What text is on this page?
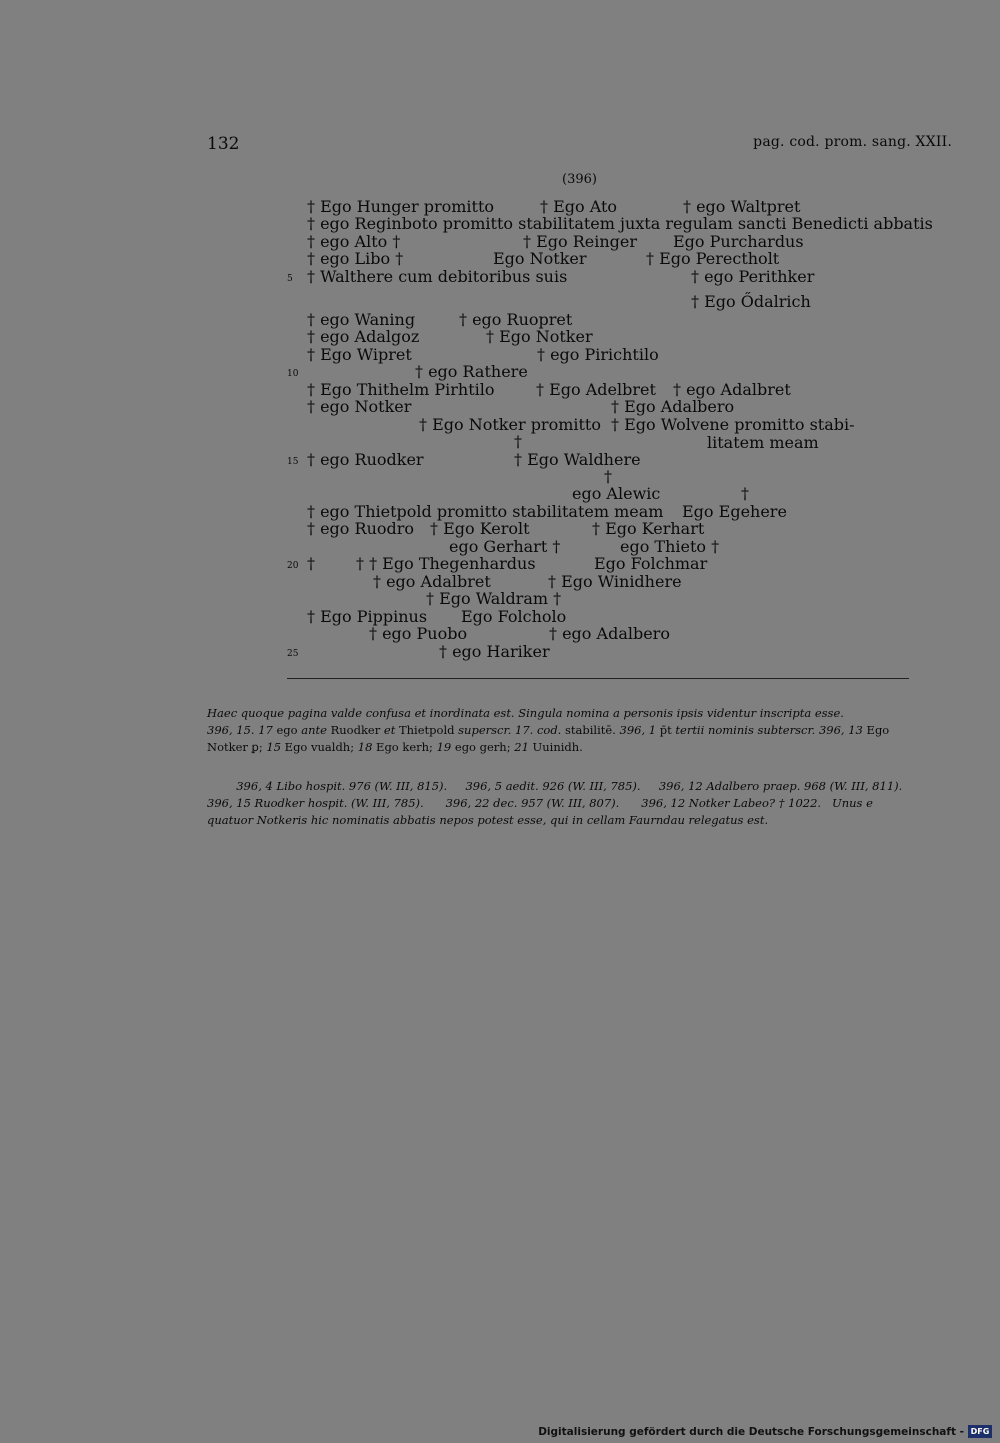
132	pag. cod. prom. sang. XXII.
(396)
† Ego Hunger promitto	† Ego Ato	† ego Waltpret
† ego Reginboto promitto stabilitatem juxta regulam sancti Benedicti abbatis
† ego Alto †	† Ego Reinger Ego Purchardus
† ego Libo †	Ego Notker	† Ego Perectholt
† Walthere cum debitoribus suis	† ego Perithker
† Ego Ődalrich
† ego Waning	† ego Ruopret
† ego Adalgoz	† Ego Notker
† Ego Wipret	† ego Pirichtilo
† ego Rathere
† Ego Thithelm Pirhtilo	† Ego Adelbret † ego Adalbret
† ego Notker	† Ego Adalbero
† Ego Notker promitto † Ego Wolvene promitto stabi-
†	litatem meam
† ego Ruodker	† Ego Waldhere
†
ego Alewic	†
† ego Thietpold promitto stabilitatem meam Ego Egehere
† ego Ruodro † Ego Kerolt	† Ego Kerhart
ego Gerhart †	ego Thieto †
†	† † Ego Thegenhardus	Ego Folchmar
† ego Adalbret	† Ego Winidhere
† Ego Waldram †
† Ego Pippinus Ego Folcholo
† ego Puobo	† ego Adalbero
† ego Hariker
5
10
15
20
25
Haec quoque pagina valde confusa et inordinata est. Singula nomina a personis ipsis videntur inscripta esse.
396, 15. 17 ego ante Ruodker et Thietpold superscr. 17. cod. stabilitē. 396, 1 p̄t tertii nominis subterscr. 396, 13 Ego
Notker ꝑ; 15 Ego vualdh; 18 Ego kerh; 19 ego gerh; 21 Uuinidh.
396, 4 Libo hospit. 976 (W. III, 815).     396, 5 aedit. 926 (W. III, 785).     396, 12 Adalbero praep. 968 (W. III, 811).
396, 15 Ruodker hospit. (W. III, 785).      396, 22 dec. 957 (W. III, 807).      396, 12 Notker Labeo? † 1022.   Unus e
quatuor Notkeris hic nominatis abbatis nepos potest esse, qui in cellam Faurndau relegatus est.
Digitalisierung gefördert durch die Deutsche Forschungsgemeinschaft - DFG
